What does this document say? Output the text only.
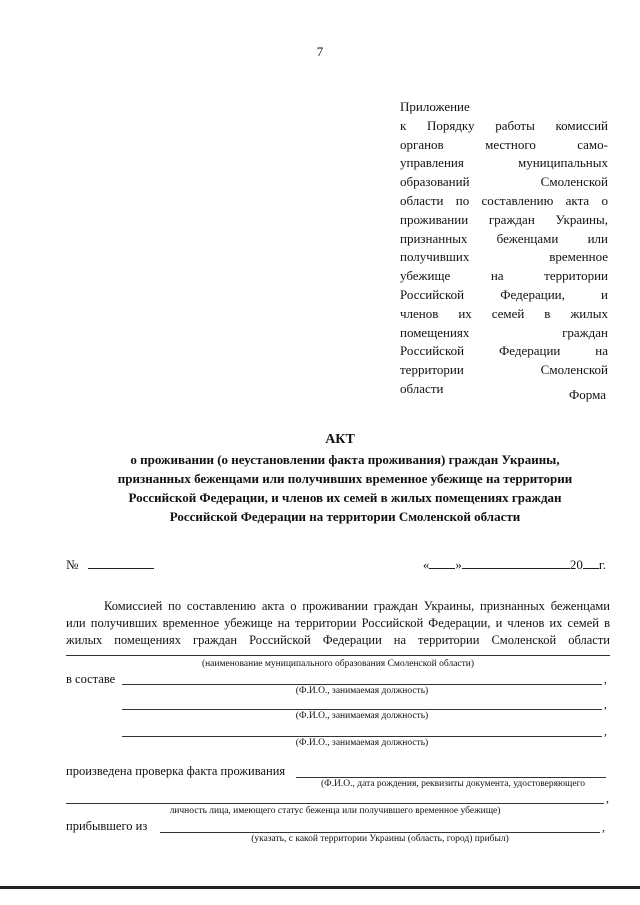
7
Приложение
к Порядку работы комиссий
органов местного само-
управления муниципальных
образований Смоленской
области по составлению акта о
проживании граждан Украины,
признанных беженцами или
получивших временное
убежище на территории
Российской Федерации, и
членов их семей в жилых
помещениях граждан
Российской Федерации на
территории Смоленской
области	Форма
АКТ
о проживании (о неустановлении факта проживания) граждан Украины,
признанных беженцами или получивших временное убежище на территории
Российской Федерации, и членов их семей в жилых помещениях граждан
Российской Федерации на территории Смоленской области
№	« »	20 г.
Комиссией по составлению акта о проживании граждан Украины, признанных беженцами
или получивших временное убежище на территории Российской Федерации, и членов их семей в
жилых помещениях граждан Российской Федерации на территории Смоленской области
(наименование муниципального образования Смоленской области)
в составе	,
(Ф.И.О., занимаемая должность)
,
(Ф.И.О., занимаемая должность)
,
(Ф.И.О., занимаемая должность)
произведена проверка факта проживания
(Ф.И.О., дата рождения, реквизиты документа, удостоверяющего
,
личность лица, имеющего статус беженца или получившего временное убежище)
прибывшего из	,
(указать, с какой территории Украины (область, город) прибыл)
